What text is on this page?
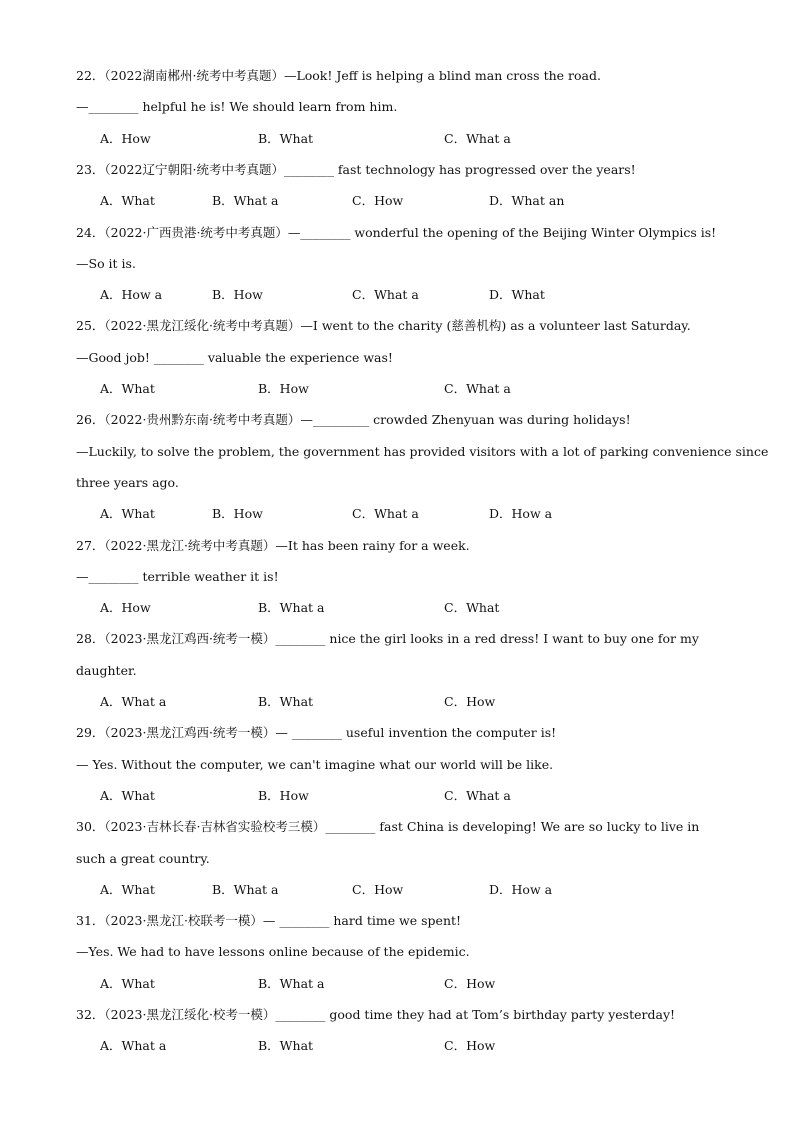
22．（2022湖南郴州·统考中考真题）—Look! Jeff is helping a blind man cross the road.
—________ helpful he is! We should learn from him.
A．How	B．What	C．What a
23．（2022辽宁朝阳·统考中考真题）________ fast technology has progressed over the years!
A．What	B．What a	C．How	D．What an
24．（2022·广西贵港·统考中考真题）—________ wonderful the opening of the Beijing Winter Olympics is!
—So it is.
A．How a	B．How	C．What a	D．What
25．（2022·黑龙江绥化·统考中考真题）—I went to the charity (慈善机构) as a volunteer last Saturday.
—Good job! ________ valuable the experience was!
A．What	B．How	C．What a
26．（2022·贵州黔东南·统考中考真题）—_________ crowded Zhenyuan was during holidays!
—Luckily, to solve the problem, the government has provided visitors with a lot of parking convenience since
three years ago.
A．What	B．How	C．What a	D．How a
27．（2022·黑龙江·统考中考真题）—It has been rainy for a week.
—________ terrible weather it is!
A．How	B．What a	C．What
28．（2023·黑龙江鸡西·统考一模）________ nice the girl looks in a red dress! I want to buy one for my
daughter.
A．What a	B．What	C．How
29．（2023·黑龙江鸡西·统考一模）— ________ useful invention the computer is!
— Yes. Without the computer, we can't imagine what our world will be like.
A．What	B．How	C．What a
30．（2023·吉林长春·吉林省实验校考三模）________ fast China is developing! We are so lucky to live in
such a great country.
A．What	B．What a	C．How	D．How a
31．（2023·黑龙江·校联考一模）— ________ hard time we spent!
—Yes. We had to have lessons online because of the epidemic.
A．What	B．What a	C．How
32．（2023·黑龙江绥化·校考一模）________ good time they had at Tom’s birthday party yesterday!
A．What a	B．What	C．How
